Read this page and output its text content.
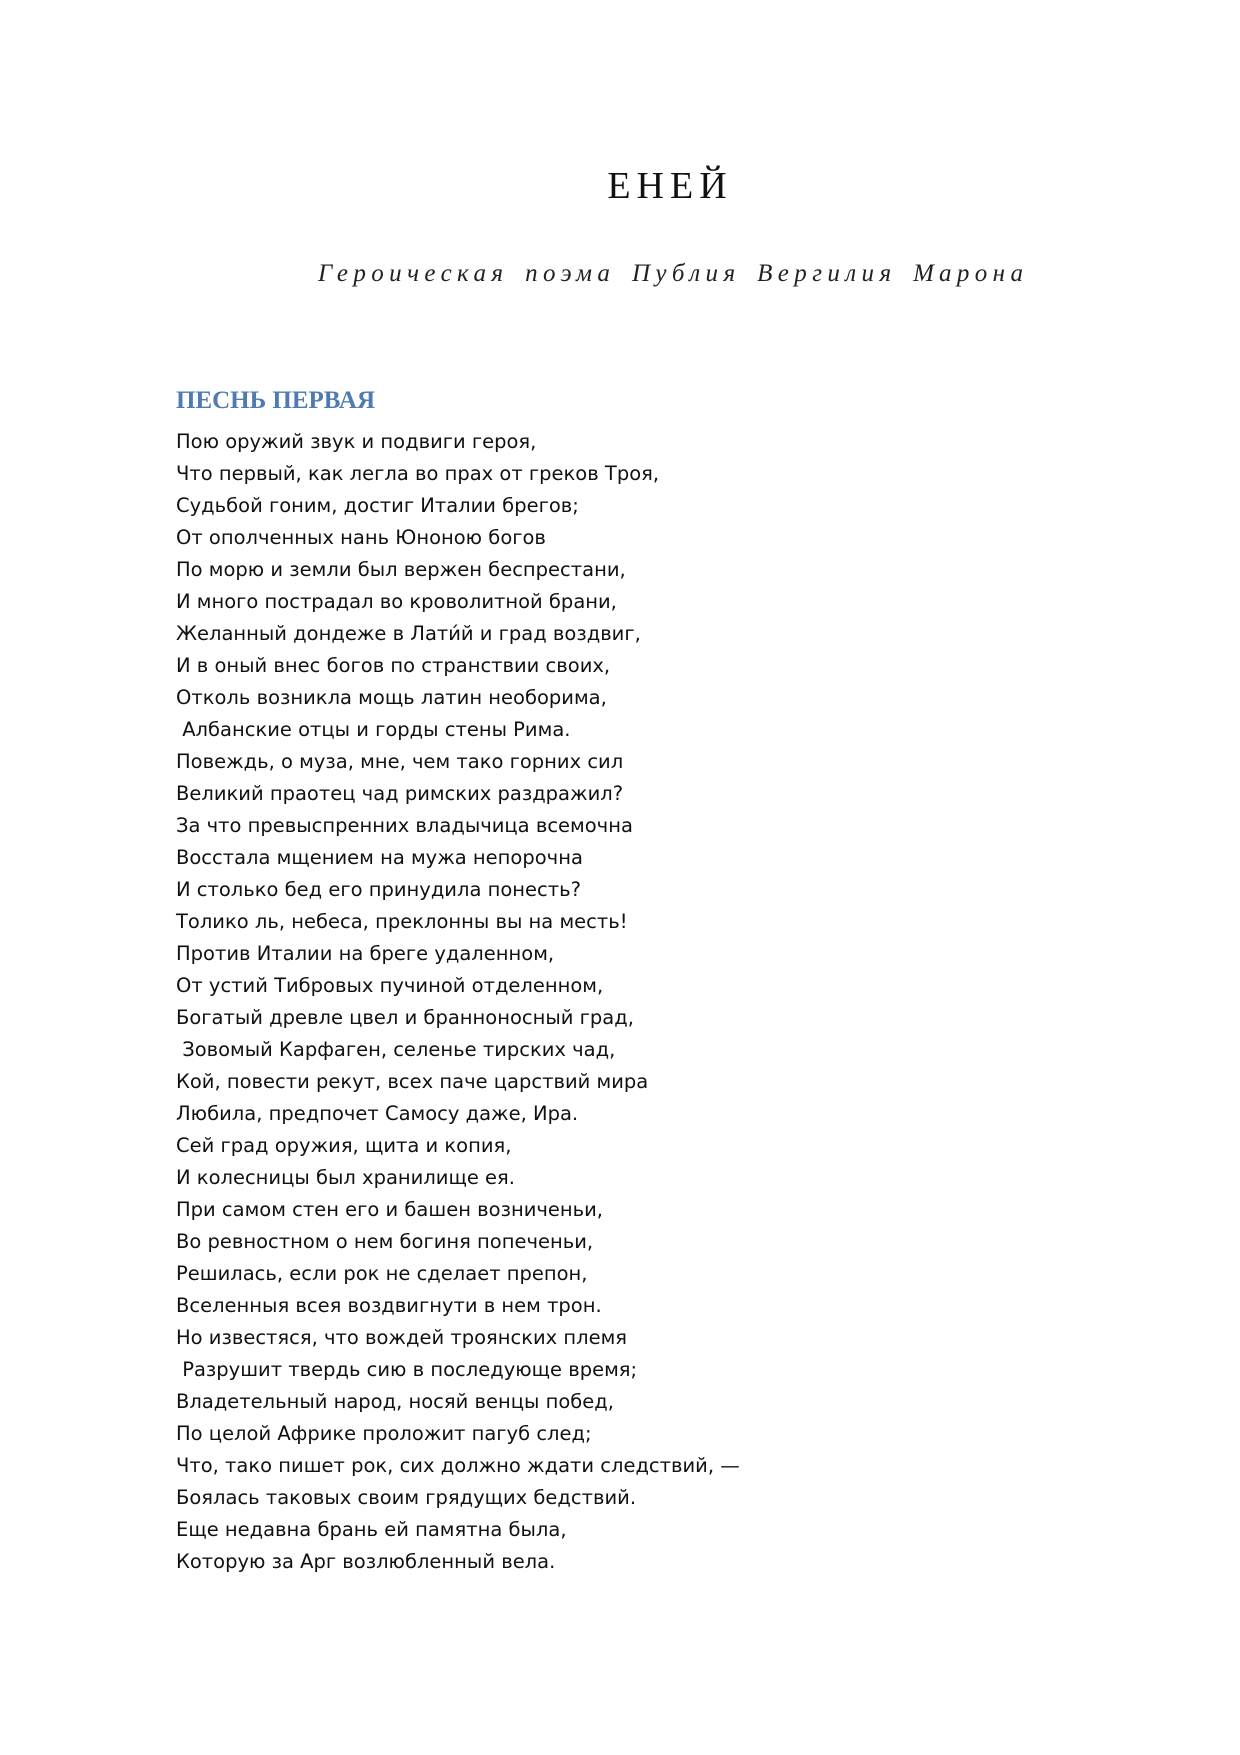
ЕНЕЙ

Героическая поэма Публия Вергилия Марона

ПЕСНЬ ПЕРВАЯ
Пою оружий звук и подвиги героя,
Что первый, как легла во прах от греков Троя,
Судьбой гоним, достиг Италии брегов;
От ополченных нань Юноною богов
По морю и земли был вержен беспрестани,
И много пострадал во кроволитной брани,
Желанный дондеже в Лати́й и град воздвиг,
И в оный внес богов по странствии своих,
Отколь возникла мощь латин необорима,
Албанские отцы и горды стены Рима.
Повеждь, о муза, мне, чем тако горних сил
Великий праотец чад римских раздражил?
За что превыспренних владычица всемочна
Восстала мщением на мужа непорочна
И столько бед его принудила понесть?
Толико ль, небеса, преклонны вы на месть!
Против Италии на бреге удаленном,
От устий Тибровых пучиной отделенном,
Богатый древле цвел и бранноносный град,
Зовомый Карфаген, селенье тирских чад,
Кой, повести рекут, всех паче царствий мира
Любила, предпочет Самосу даже, Ира.
Сей град оружия, щита и копия,
И колесницы был хранилище ея.
При самом стен его и башен возниченьи,
Во ревностном о нем богиня попеченьи,
Решилась, если рок не сделает препон,
Вселенныя всея воздвигнути в нем трон.
Но известяся, что вождей троянских племя
Разрушит твердь сию в последующе время;
Владетельный народ, носяй венцы побед,
По целой Африке проложит пагуб след;
Что, тако пишет рок, сих должно ждати следствий, —
Боялась таковых своим грядущих бедствий.
Еще недавна брань ей памятна была,
Которую за Арг возлюбленный вела.
